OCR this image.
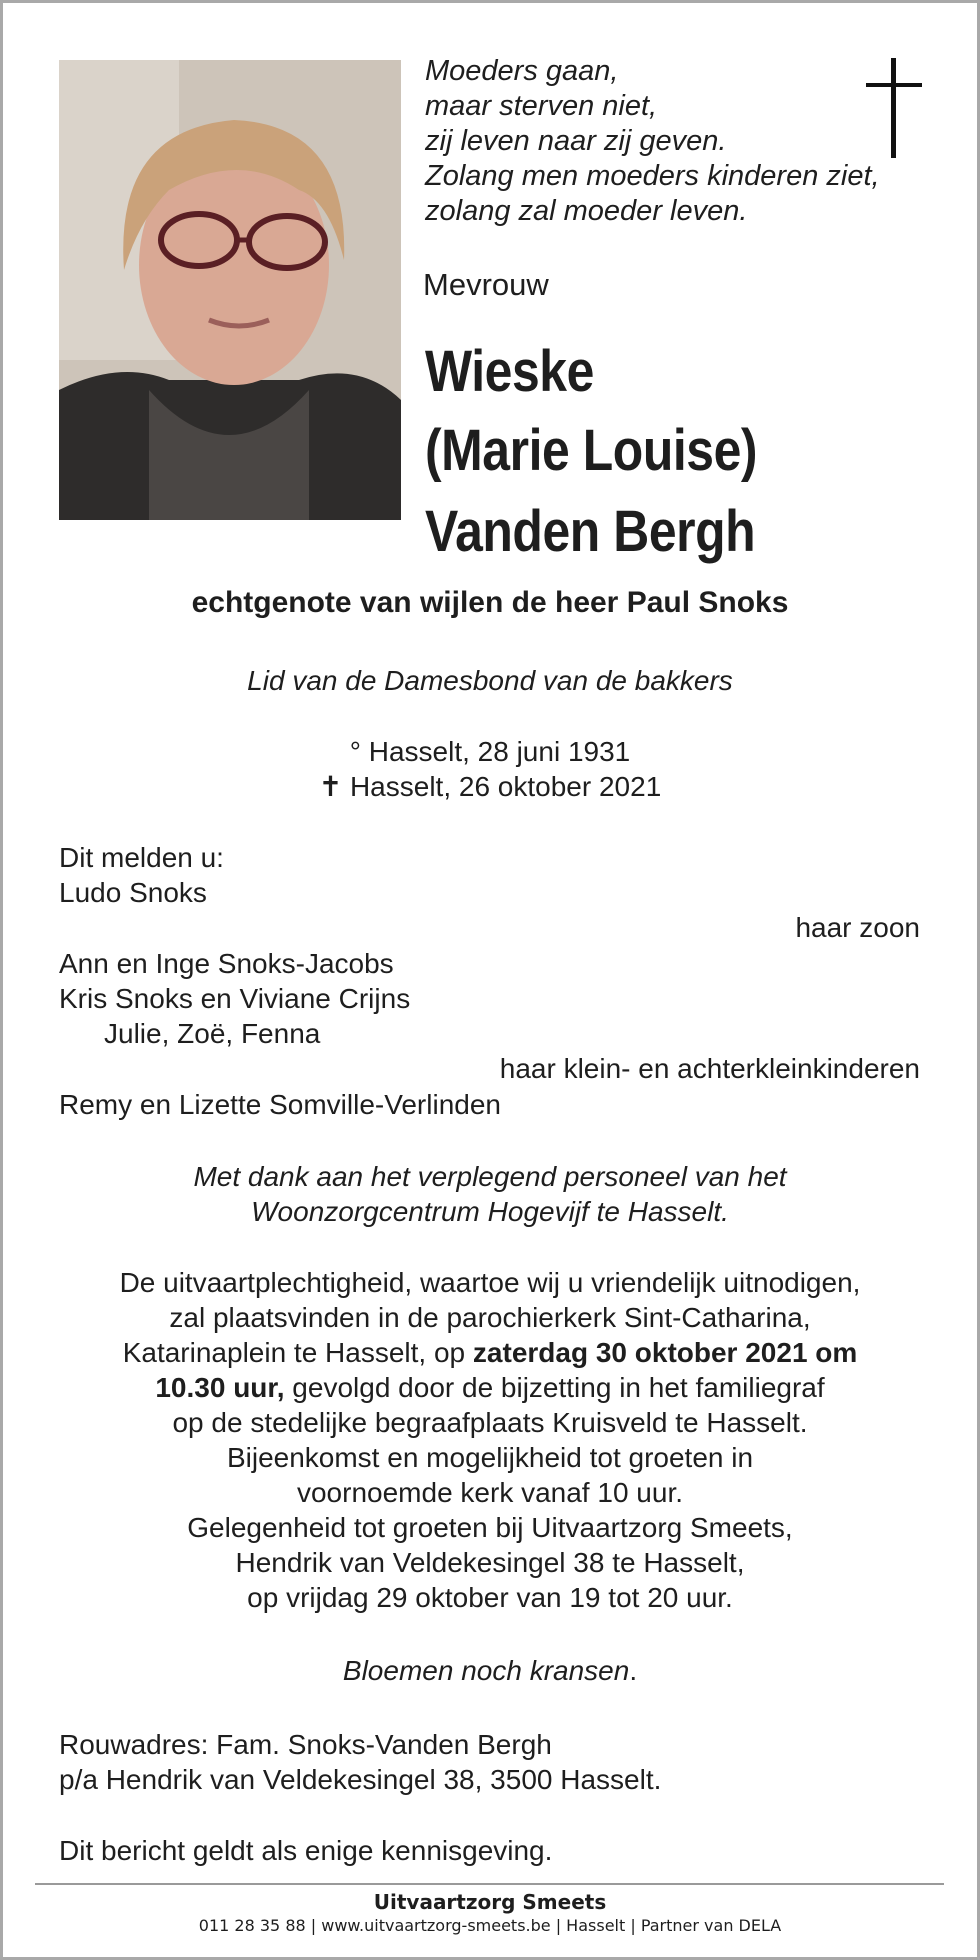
Moeders gaan,
maar sterven niet,
zij leven naar zij geven.
Zolang men moeders kinderen ziet,
zolang zal moeder leven.
Mevrouw
Wieske
(Marie Louise)
Vanden Bergh
echtgenote van wijlen de heer Paul Snoks
Lid van de Damesbond van de bakkers
° Hasselt, 28 juni 1931
✝ Hasselt, 26 oktober 2021
Dit melden u:
Ludo Snoks
haar zoon
Ann en Inge Snoks-Jacobs
Kris Snoks en Viviane Crijns
Julie, Zoë, Fenna
haar klein- en achterkleinkinderen
Remy en Lizette Somville-Verlinden
Met dank aan het verplegend personeel van het
Woonzorgcentrum Hogevijf te Hasselt.
De uitvaartplechtigheid, waartoe wij u vriendelijk uitnodigen,
zal plaatsvinden in de parochierkerk Sint-Catharina,
Katarinaplein te Hasselt, op zaterdag 30 oktober 2021 om
10.30 uur, gevolgd door de bijzetting in het familiegraf
op de stedelijke begraafplaats Kruisveld te Hasselt.
Bijeenkomst en mogelijkheid tot groeten in
voornoemde kerk vanaf 10 uur.
Gelegenheid tot groeten bij Uitvaartzorg Smeets,
Hendrik van Veldekesingel 38 te Hasselt,
op vrijdag 29 oktober van 19 tot 20 uur.
Bloemen noch kransen.
Rouwadres: Fam. Snoks-Vanden Bergh
p/a Hendrik van Veldekesingel 38, 3500 Hasselt.
Dit bericht geldt als enige kennisgeving.
Uitvaartzorg Smeets
011 28 35 88 | www.uitvaartzorg-smeets.be | Hasselt | Partner van DELA
